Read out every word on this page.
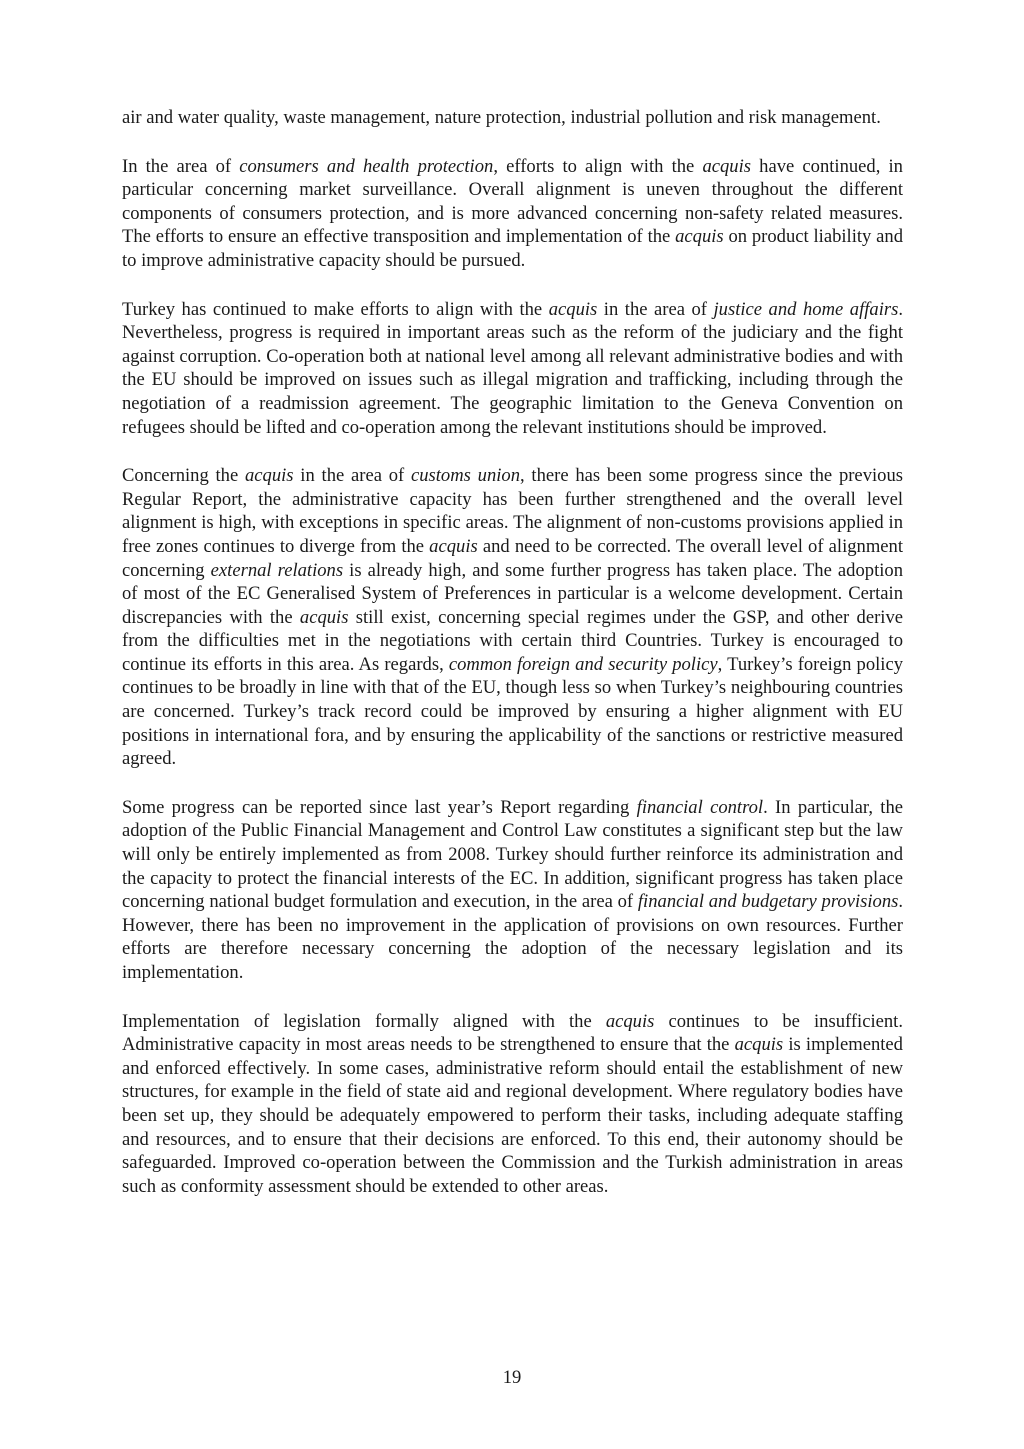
air and water quality, waste management, nature protection, industrial pollution and risk management.

In the area of consumers and health protection, efforts to align with the acquis have continued, in particular concerning market surveillance. Overall alignment is uneven throughout the different components of consumers protection, and is more advanced concerning non-safety related measures. The efforts to ensure an effective transposition and implementation of the acquis on product liability and to improve administrative capacity should be pursued.

Turkey has continued to make efforts to align with the acquis in the area of justice and home affairs. Nevertheless, progress is required in important areas such as the reform of the judiciary and the fight against corruption. Co-operation both at national level among all relevant administrative bodies and with the EU should be improved on issues such as illegal migration and trafficking, including through the negotiation of a readmission agreement. The geographic limitation to the Geneva Convention on refugees should be lifted and co-operation among the relevant institutions should be improved.

Concerning the acquis in the area of customs union, there has been some progress since the previous Regular Report, the administrative capacity has been further strengthened and the overall level alignment is high, with exceptions in specific areas. The alignment of non-customs provisions applied in free zones continues to diverge from the acquis and need to be corrected. The overall level of alignment concerning external relations is already high, and some further progress has taken place. The adoption of most of the EC Generalised System of Preferences in particular is a welcome development. Certain discrepancies with the acquis still exist, concerning special regimes under the GSP, and other derive from the difficulties met in the negotiations with certain third Countries. Turkey is encouraged to continue its efforts in this area. As regards, common foreign and security policy, Turkey’s foreign policy continues to be broadly in line with that of the EU, though less so when Turkey’s neighbouring countries are concerned. Turkey’s track record could be improved by ensuring a higher alignment with EU positions in international fora, and by ensuring the applicability of the sanctions or restrictive measured agreed.

Some progress can be reported since last year’s Report regarding financial control. In particular, the adoption of the Public Financial Management and Control Law constitutes a significant step but the law will only be entirely implemented as from 2008. Turkey should further reinforce its administration and the capacity to protect the financial interests of the EC. In addition, significant progress has taken place concerning national budget formulation and execution, in the area of financial and budgetary provisions. However, there has been no improvement in the application of provisions on own resources. Further efforts are therefore necessary concerning the adoption of the necessary legislation and its implementation.

Implementation of legislation formally aligned with the acquis continues to be insufficient. Administrative capacity in most areas needs to be strengthened to ensure that the acquis is implemented and enforced effectively. In some cases, administrative reform should entail the establishment of new structures, for example in the field of state aid and regional development. Where regulatory bodies have been set up, they should be adequately empowered to perform their tasks, including adequate staffing and resources, and to ensure that their decisions are enforced. To this end, their autonomy should be safeguarded. Improved co-operation between the Commission and the Turkish administration in areas such as conformity assessment should be extended to other areas.

19
